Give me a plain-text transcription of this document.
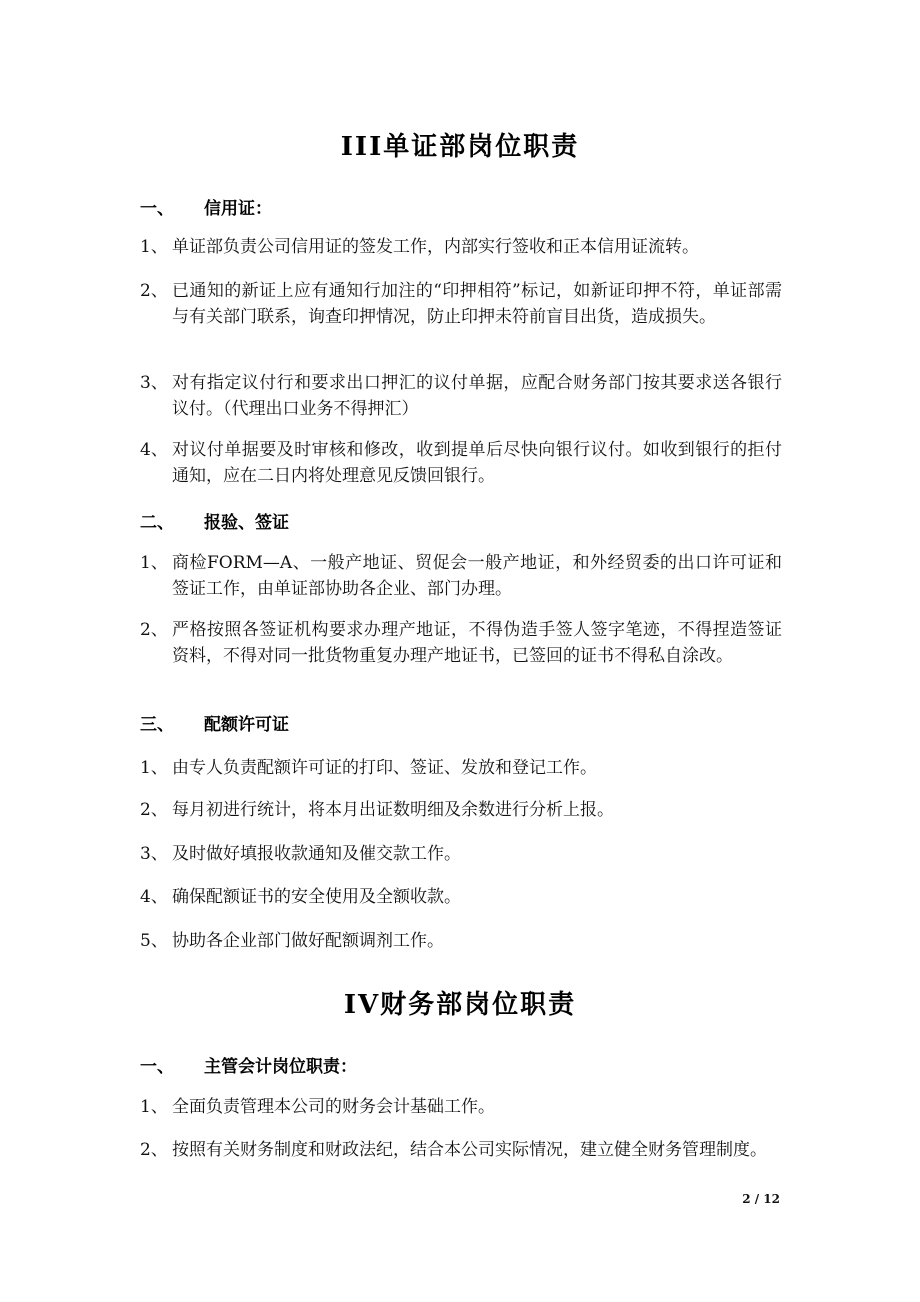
III单证部岗位职责
一、 信用证：
1、 单证部负责公司信用证的签发工作，内部实行签收和正本信用证流转。
2、 已通知的新证上应有通知行加注的“印押相符”标记，如新证印押不符，单证部需与有关部门联系，询查印押情况，防止印押未符前盲目出货，造成损失。
3、 对有指定议付行和要求出口押汇的议付单据，应配合财务部门按其要求送各银行议付。（代理出口业务不得押汇）
4、 对议付单据要及时审核和修改，收到提单后尽快向银行议付。如收到银行的拒付通知，应在二日内将处理意见反馈回银行。
二、 报验、签证
1、 商检FORM—A、一般产地证、贸促会一般产地证，和外经贸委的出口许可证和签证工作，由单证部协助各企业、部门办理。
2、 严格按照各签证机构要求办理产地证，不得伪造手签人签字笔迹，不得捏造签证资料，不得对同一批货物重复办理产地证书，已签回的证书不得私自涂改。
三、 配额许可证
1、 由专人负责配额许可证的打印、签证、发放和登记工作。
2、 每月初进行统计，将本月出证数明细及余数进行分析上报。
3、 及时做好填报收款通知及催交款工作。
4、 确保配额证书的安全使用及全额收款。
5、 协助各企业部门做好配额调剂工作。
IV财务部岗位职责
一、 主管会计岗位职责：
1、 全面负责管理本公司的财务会计基础工作。
2、 按照有关财务制度和财政法纪，结合本公司实际情况，建立健全财务管理制度。
2 / 12
